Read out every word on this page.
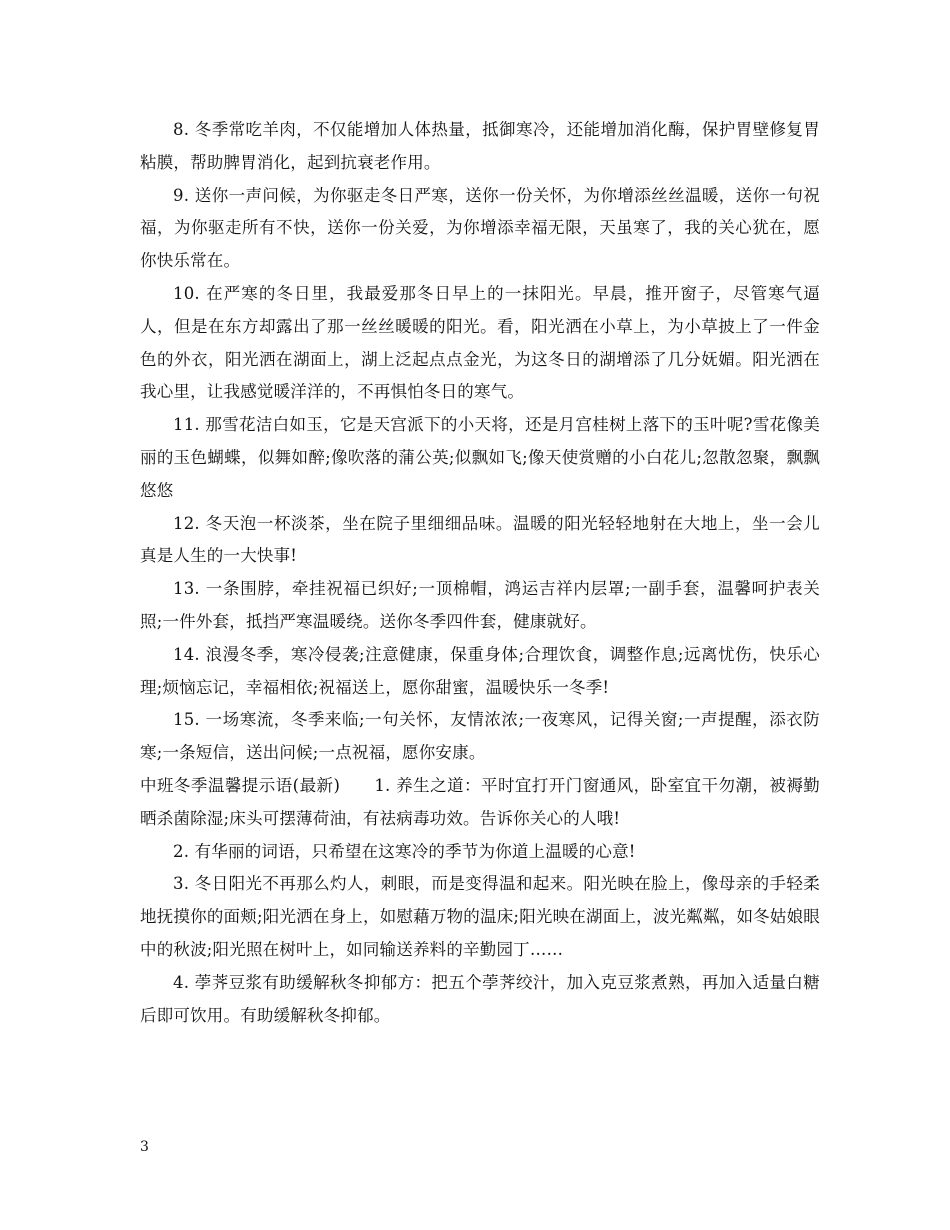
8. 冬季常吃羊肉，不仅能增加人体热量，抵御寒冷，还能增加消化酶，保护胃壁修复胃粘膜，帮助脾胃消化，起到抗衰老作用。

9. 送你一声问候，为你驱走冬日严寒，送你一份关怀，为你增添丝丝温暖，送你一句祝福，为你驱走所有不快，送你一份关爱，为你增添幸福无限，天虽寒了，我的关心犹在，愿你快乐常在。

10. 在严寒的冬日里，我最爱那冬日早上的一抹阳光。早晨，推开窗子，尽管寒气逼人，但是在东方却露出了那一丝丝暖暖的阳光。看，阳光洒在小草上，为小草披上了一件金色的外衣，阳光洒在湖面上，湖上泛起点点金光，为这冬日的湖增添了几分妩媚。阳光洒在我心里，让我感觉暖洋洋的，不再惧怕冬日的寒气。

11. 那雪花洁白如玉，它是天宫派下的小天将，还是月宫桂树上落下的玉叶呢?雪花像美丽的玉色蝴蝶，似舞如醉;像吹落的蒲公英;似飘如飞;像天使赏赠的小白花儿;忽散忽聚，飘飘悠悠

12. 冬天泡一杯淡茶，坐在院子里细细品味。温暖的阳光轻轻地射在大地上，坐一会儿真是人生的一大快事!

13. 一条围脖，牵挂祝福已织好;一顶棉帽，鸿运吉祥内层罩;一副手套，温馨呵护表关照;一件外套，抵挡严寒温暖绕。送你冬季四件套，健康就好。

14. 浪漫冬季，寒冷侵袭;注意健康，保重身体;合理饮食，调整作息;远离忧伤，快乐心理;烦恼忘记，幸福相依;祝福送上，愿你甜蜜，温暖快乐一冬季!

15. 一场寒流，冬季来临;一句关怀，友情浓浓;一夜寒风，记得关窗;一声提醒，添衣防寒;一条短信，送出问候;一点祝福，愿你安康。

中班冬季温馨提示语(最新)　　1. 养生之道：平时宜打开门窗通风，卧室宜干勿潮，被褥勤晒杀菌除湿;床头可摆薄荷油，有祛病毒功效。告诉你关心的人哦!

2. 有华丽的词语，只希望在这寒冷的季节为你道上温暖的心意!

3. 冬日阳光不再那么灼人，刺眼，而是变得温和起来。阳光映在脸上，像母亲的手轻柔地抚摸你的面颊;阳光洒在身上，如慰藉万物的温床;阳光映在湖面上，波光粼粼，如冬姑娘眼中的秋波;阳光照在树叶上，如同输送养料的辛勤园丁……

4. 荸荠豆浆有助缓解秋冬抑郁方：把五个荸荠绞汁，加入克豆浆煮熟，再加入适量白糖后即可饮用。有助缓解秋冬抑郁。

3
